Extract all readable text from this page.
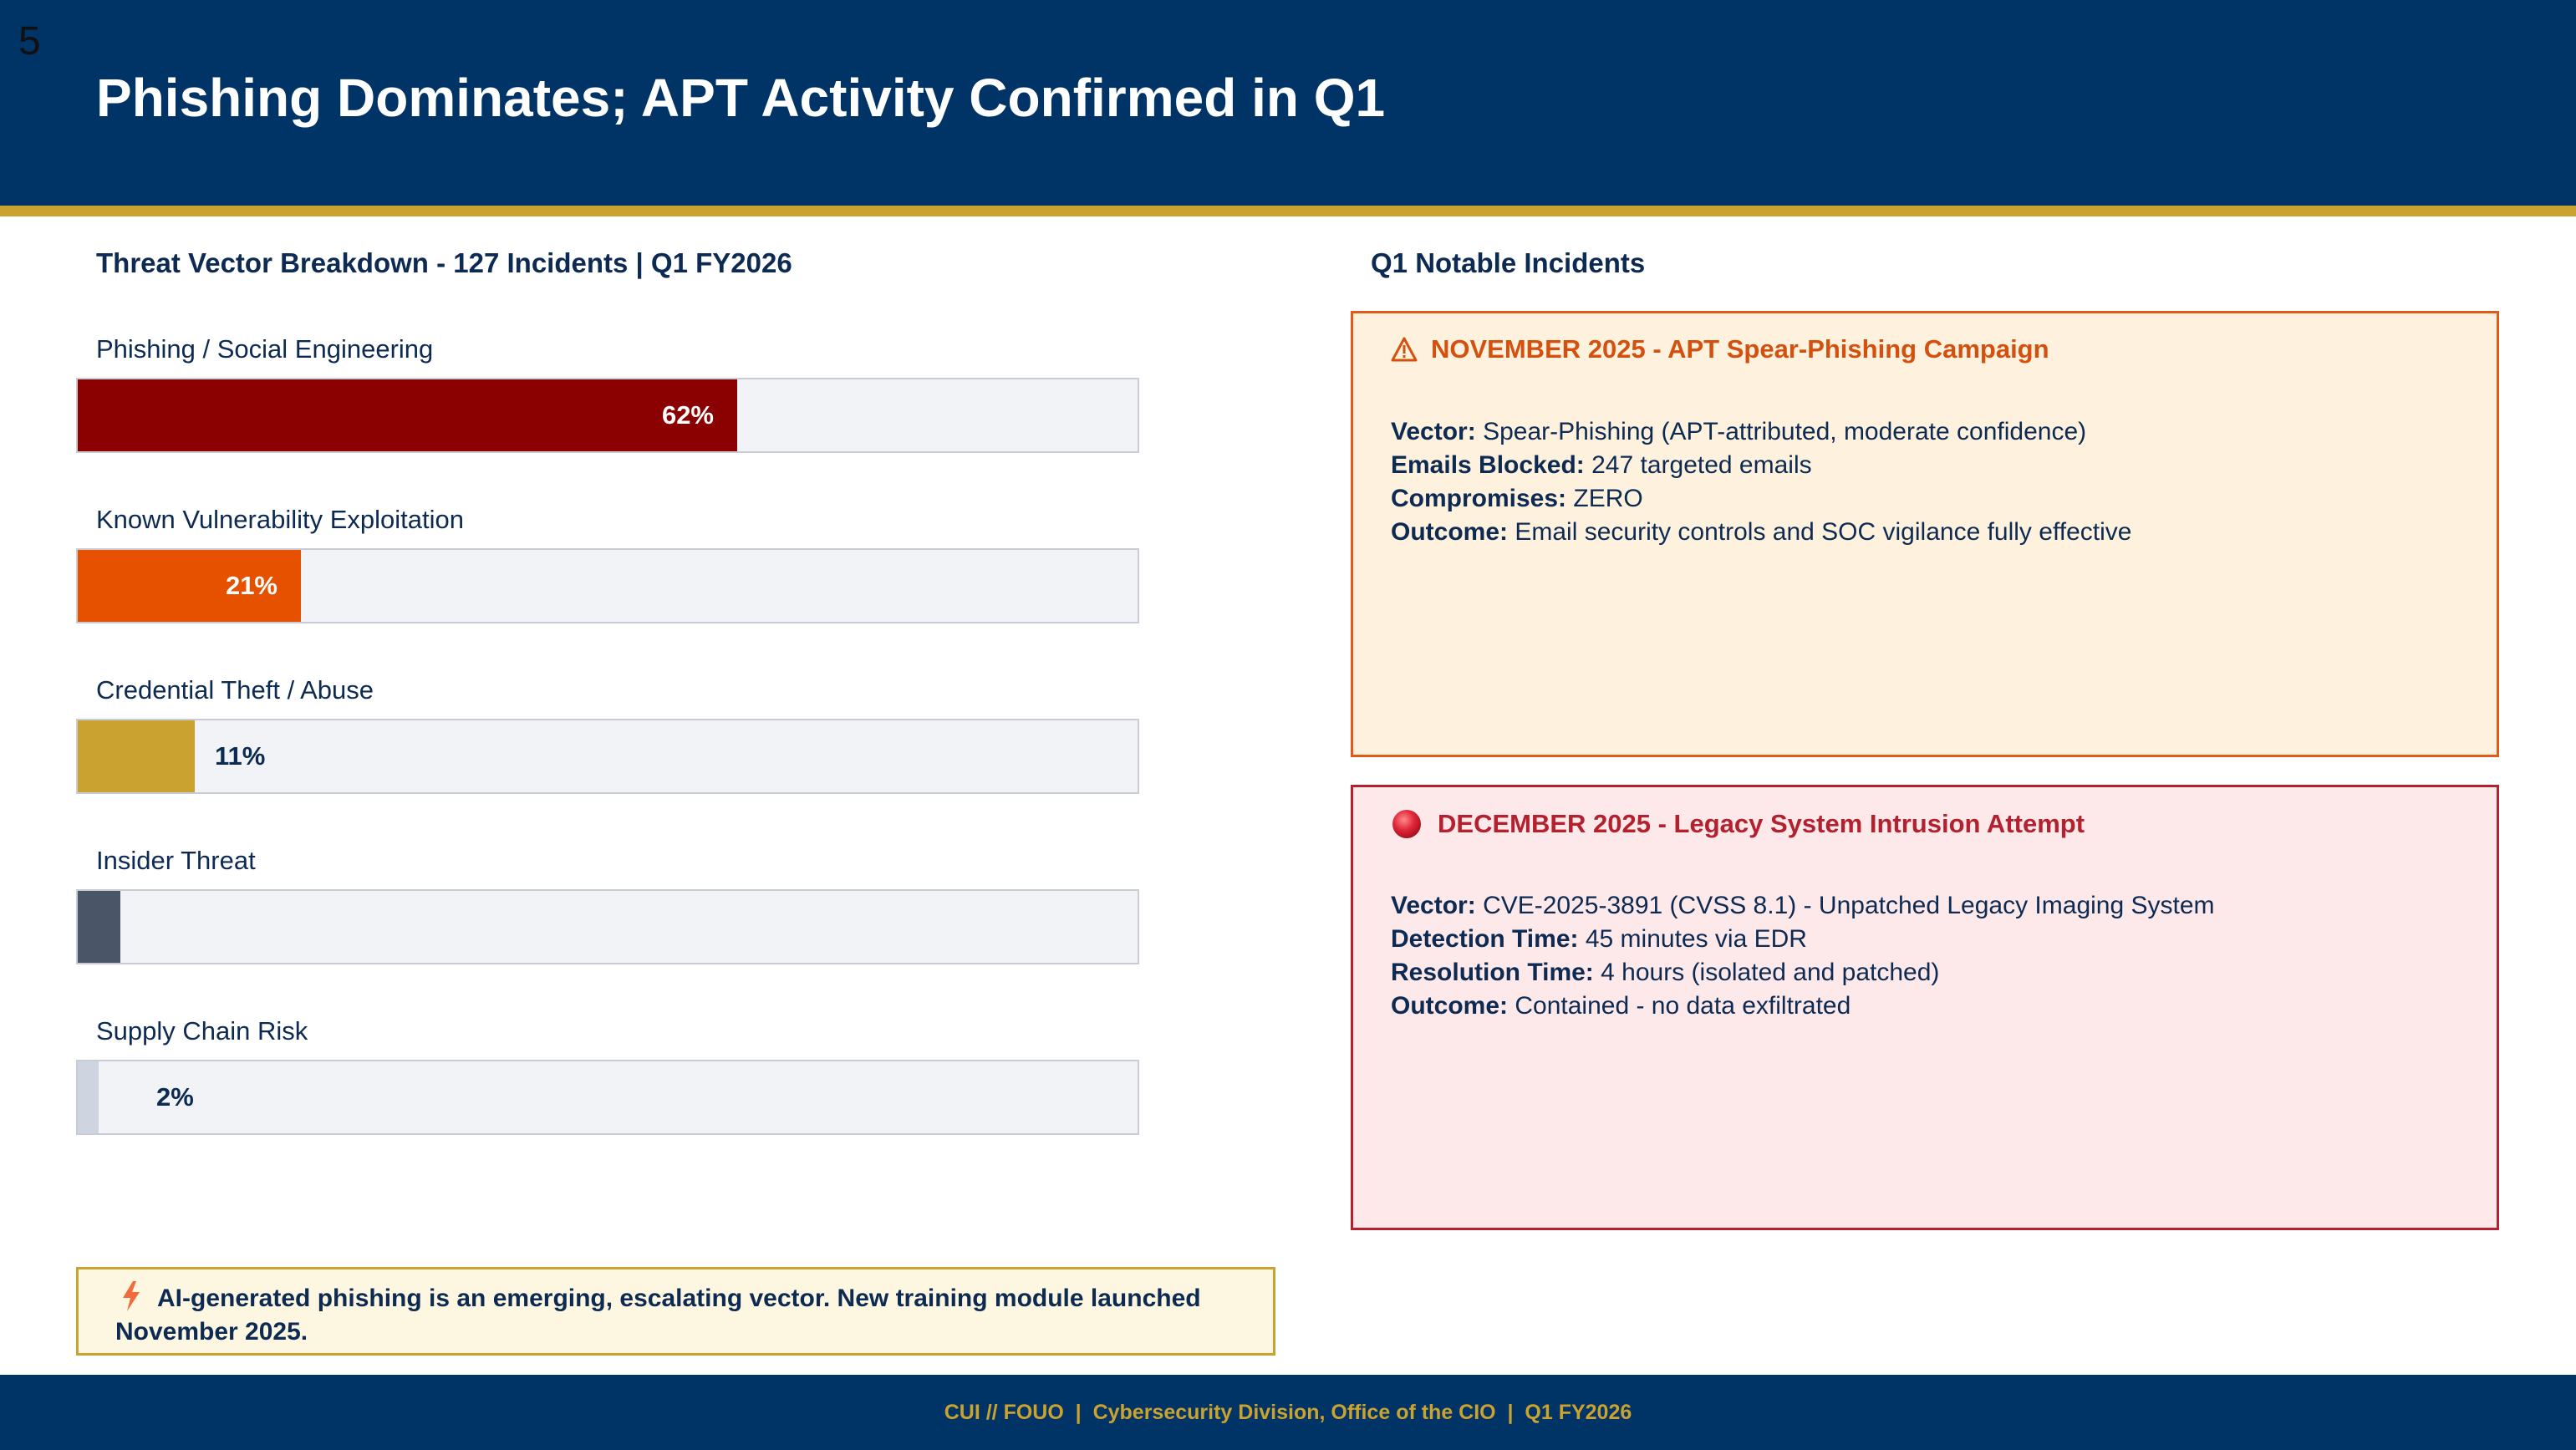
Phishing Dominates; APT Activity Confirmed in Q1
5
Threat Vector Breakdown - 127 Incidents | Q1 FY2026
Phishing / Social Engineering
62%
Known Vulnerability Exploitation
21%
Credential Theft / Abuse
11%
Insider Threat
4%
Supply Chain Risk
2%
AI-generated phishing is an emerging, escalating vector. New training module launched November 2025.
Q1 Notable Incidents
NOVEMBER 2025 - APT Spear-Phishing Campaign
Vector: Spear-Phishing (APT-attributed, moderate confidence)
Emails Blocked: 247 targeted emails
Compromises: ZERO
Outcome: Email security controls and SOC vigilance fully effective
DECEMBER 2025 - Legacy System Intrusion Attempt
Vector: CVE-2025-3891 (CVSS 8.1) - Unpatched Legacy Imaging System
Detection Time: 45 minutes via EDR
Resolution Time: 4 hours (isolated and patched)
Outcome: Contained - no data exfiltrated
CUI // FOUO  |  Cybersecurity Division, Office of the CIO  |  Q1 FY2026
